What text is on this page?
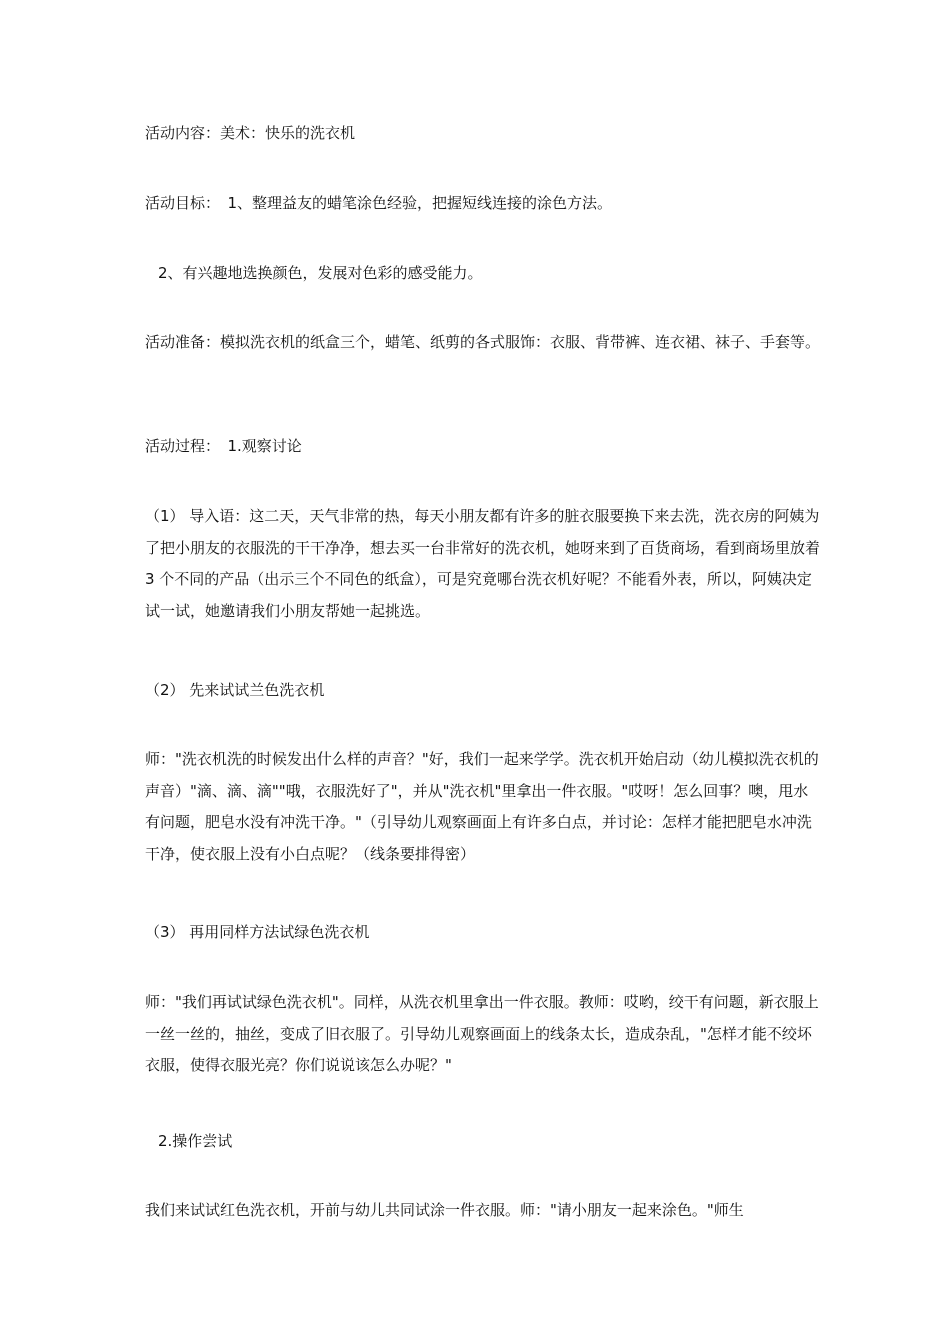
活动内容：美术：快乐的洗衣机

活动目标：　1、整理益友的蜡笔涂色经验，把握短线连接的涂色方法。

2、有兴趣地选换颜色，发展对色彩的感受能力。

活动准备：模拟洗衣机的纸盒三个，蜡笔、纸剪的各式服饰：衣服、背带裤、连衣裙、袜子、手套等。

活动过程：　1.观察讨论

（1） 导入语：这二天，天气非常的热，每天小朋友都有许多的脏衣服要换下来去洗，洗衣房的阿姨为了把小朋友的衣服洗的干干净净，想去买一台非常好的洗衣机，她呀来到了百货商场，看到商场里放着 3 个不同的产品（出示三个不同色的纸盒），可是究竟哪台洗衣机好呢？不能看外表，所以，阿姨决定试一试，她邀请我们小朋友帮她一起挑选。

（2） 先来试试兰色洗衣机

师："洗衣机洗的时候发出什么样的声音？"好，我们一起来学学。洗衣机开始启动（幼儿模拟洗衣机的声音）"滴、滴、滴""哦，衣服洗好了"，并从"洗衣机"里拿出一件衣服。"哎呀！怎么回事？噢，甩水有问题，肥皂水没有冲洗干净。"（引导幼儿观察画面上有许多白点，并讨论：怎样才能把肥皂水冲洗干净，使衣服上没有小白点呢？（线条要排得密）

（3） 再用同样方法试绿色洗衣机

师："我们再试试绿色洗衣机"。同样，从洗衣机里拿出一件衣服。教师：哎哟，绞干有问题，新衣服上一丝一丝的，抽丝，变成了旧衣服了。引导幼儿观察画面上的线条太长，造成杂乱，"怎样才能不绞坏衣服，使得衣服光亮？你们说说该怎么办呢？"

2.操作尝试

我们来试试红色洗衣机，开前与幼儿共同试涂一件衣服。师："请小朋友一起来涂色。"师生
